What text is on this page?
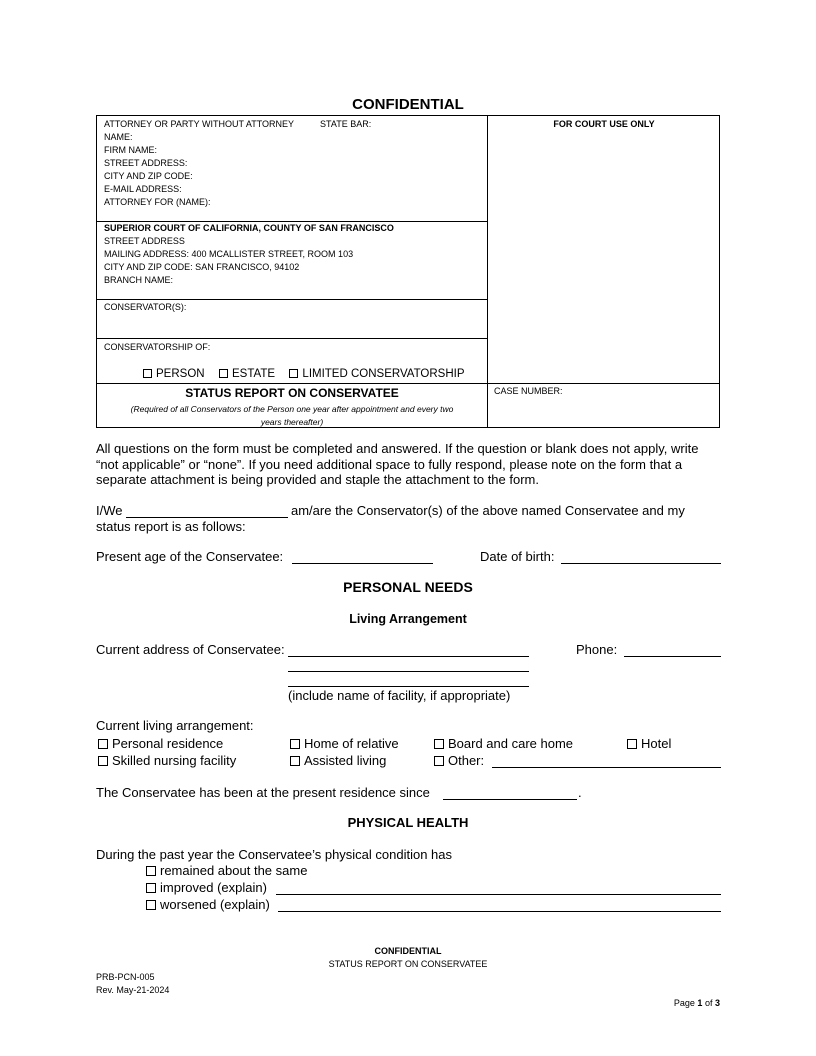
CONFIDENTIAL
ATTORNEY OR PARTY WITHOUT ATTORNEY	STATE BAR:
NAME:
FIRM NAME:
STREET ADDRESS:
CITY AND ZIP CODE:
E-MAIL ADDRESS:
ATTORNEY FOR (NAME):
FOR COURT USE ONLY
SUPERIOR COURT OF CALIFORNIA, COUNTY OF SAN FRANCISCO
STREET ADDRESS
MAILING ADDRESS: 400 MCALLISTER STREET, ROOM 103
CITY AND ZIP CODE: SAN FRANCISCO, 94102
BRANCH NAME:
CONSERVATOR(S):
CONSERVATORSHIP OF:
PERSON ESTATE LIMITED CONSERVATORSHIP
STATUS REPORT ON CONSERVATEE
(Required of all Conservators of the Person one year after appointment and every two
years thereafter)
CASE NUMBER:
All questions on the form must be completed and answered. If the question or blank does not apply, write
“not applicable” or “none”. If you need additional space to fully respond, please note on the form that a
separate attachment is being provided and staple the attachment to the form.
I/We	am/are the Conservator(s) of the above named Conservatee and my
status report is as follows:
Present age of the Conservatee:	Date of birth:
PERSONAL NEEDS
Living Arrangement
Current address of Conservatee:	Phone:
(include name of facility, if appropriate)
Current living arrangement:
Personal residence	Home of relative	Board and care home	Hotel
Skilled nursing facility	Assisted living	Other:
The Conservatee has been at the present residence since	.
PHYSICAL HEALTH
During the past year the Conservatee’s physical condition has
remained about the same
improved (explain)
worsened (explain)
CONFIDENTIAL
STATUS REPORT ON CONSERVATEE
PRB-PCN-005
Rev. May-21-2024
Page 1 of 3
